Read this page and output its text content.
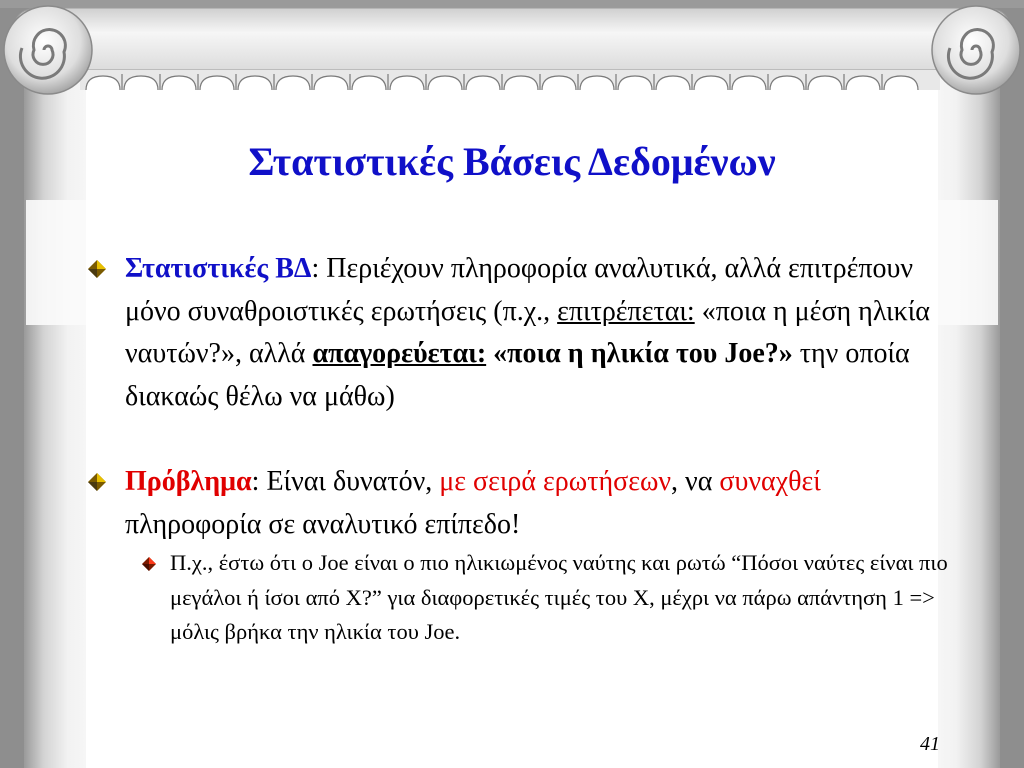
Στατιστικές Βάσεις Δεδομένων
Στατιστικές ΒΔ: Περιέχουν πληροφορία αναλυτικά, αλλά επιτρέπουν μόνο συναθροιστικές ερωτήσεις (π.χ., επιτρέπεται: «ποια η μέση ηλικία ναυτών?», αλλά απαγορεύεται: «ποια η ηλικία του Joe?» την οποία διακαώς θέλω να μάθω)
Πρόβλημα: Είναι δυνατόν, με σειρά ερωτήσεων, να συναχθεί πληροφορία σε αναλυτικό επίπεδο!
Π.χ., έστω ότι ο Joe είναι ο πιο ηλικιωμένος ναύτης και ρωτώ “Πόσοι ναύτες είναι πιο μεγάλοι ή ίσοι από Χ?” για διαφορετικές τιμές του Χ, μέχρι να πάρω απάντηση 1 => μόλις βρήκα την ηλικία του Joe.
41
